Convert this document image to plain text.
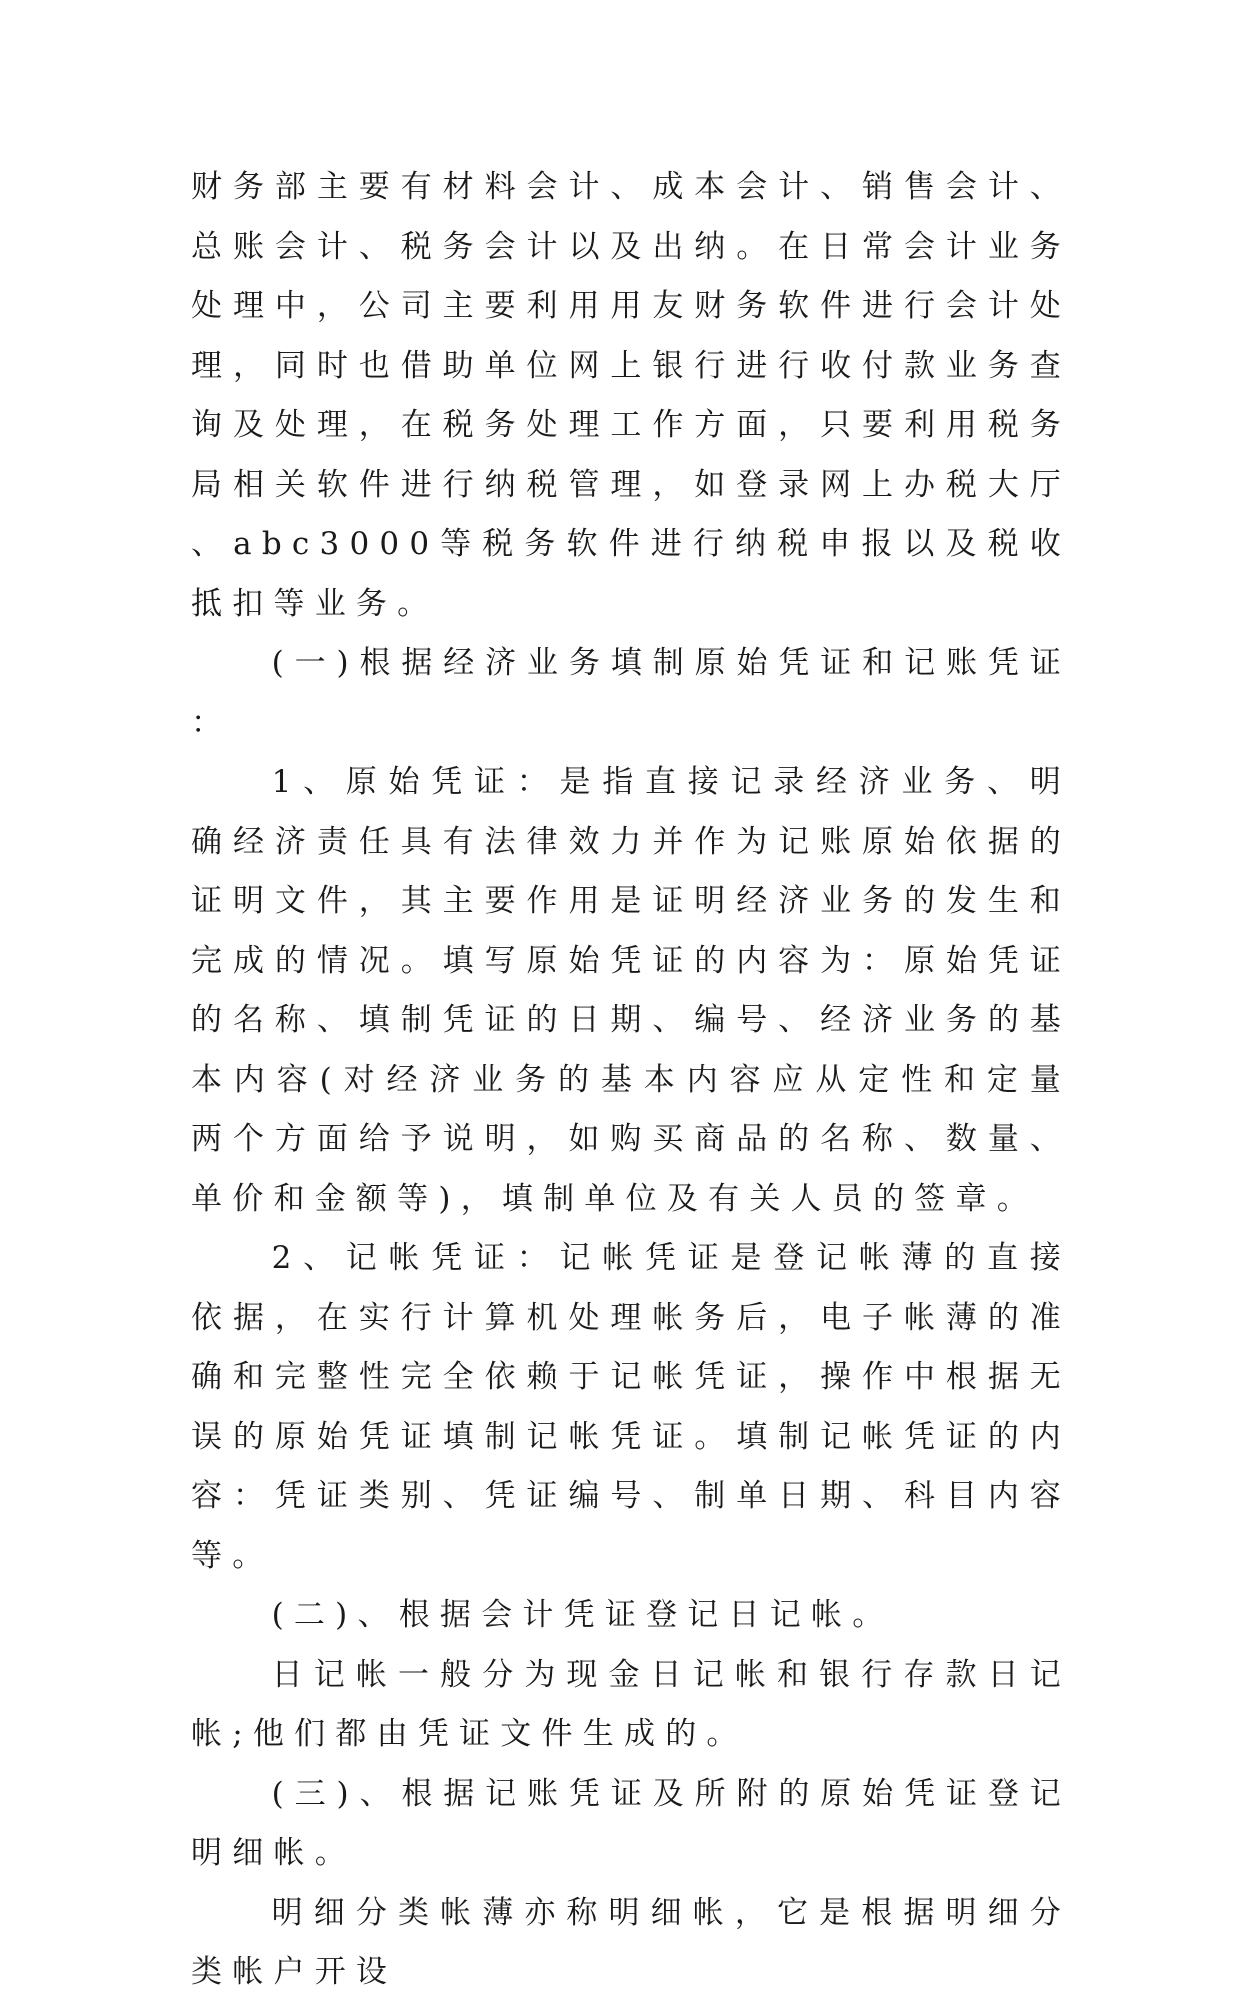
财务部主要有材料会计、成本会计、销售会计、总账会计、税务会计以及出纳。在日常会计业务处理中，公司主要利用用友财务软件进行会计处理，同时也借助单位网上银行进行收付款业务查询及处理，在税务处理工作方面，只要利用税务局相关软件进行纳税管理，如登录网上办税大厅、abc3000等税务软件进行纳税申报以及税收抵扣等业务。

(一)根据经济业务填制原始凭证和记账凭证：

1、原始凭证：是指直接记录经济业务、明确经济责任具有法律效力并作为记账原始依据的证明文件，其主要作用是证明经济业务的发生和完成的情况。填写原始凭证的内容为：原始凭证的名称、填制凭证的日期、编号、经济业务的基本内容(对经济业务的基本内容应从定性和定量两个方面给予说明，如购买商品的名称、数量、单价和金额等)，填制单位及有关人员的签章。

2、记帐凭证：记帐凭证是登记帐薄的直接依据，在实行计算机处理帐务后，电子帐薄的准确和完整性完全依赖于记帐凭证，操作中根据无误的原始凭证填制记帐凭证。填制记帐凭证的内容：凭证类别、凭证编号、制单日期、科目内容等。

(二)、根据会计凭证登记日记帐。

日记帐一般分为现金日记帐和银行存款日记帐;他们都由凭证文件生成的。

(三)、根据记账凭证及所附的原始凭证登记明细帐。

明细分类帐薄亦称明细帐，它是根据明细分类帐户开设
